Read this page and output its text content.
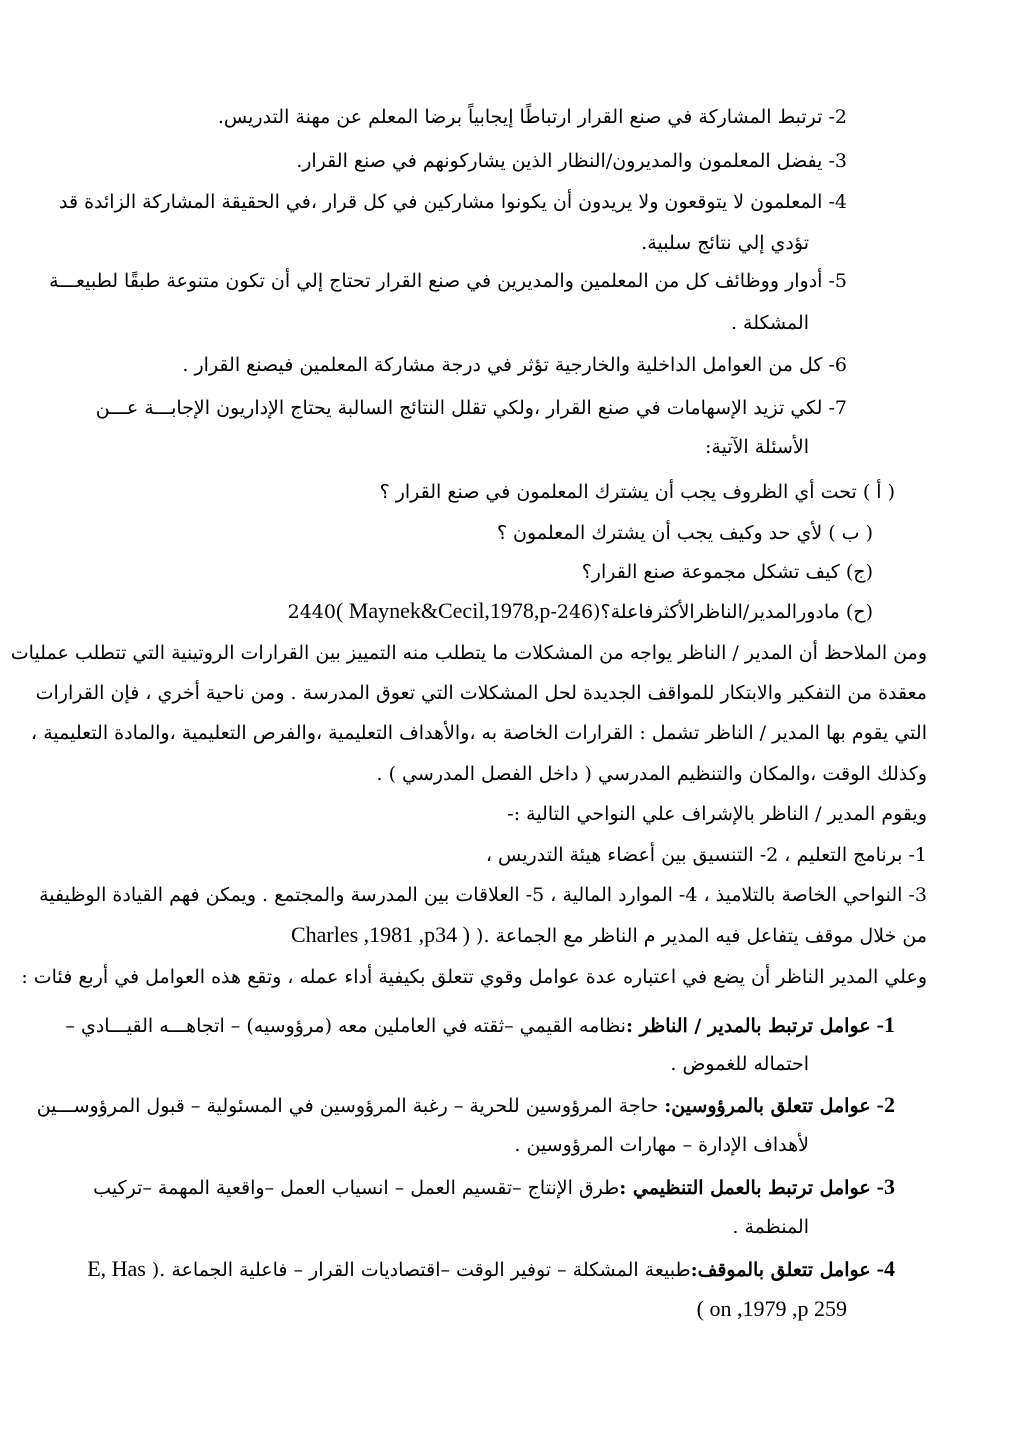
2- ترتبط المشاركة في صنع القرار ارتباطًا إيجابياً برضا المعلم عن مهنة التدريس.
3- يفضل المعلمون والمديرون/النظار الذين يشاركونهم في صنع القرار.
4- المعلمون لا يتوقعون ولا يريدون أن يكونوا مشاركين في كل قرار ،في الحقيقة المشاركة الزائدة قد
تؤدي إلي نتائج سلبية.
5- أدوار ووظائف كل من المعلمين والمديرين في صنع القرار تحتاج إلي أن تكون متنوعة طبقًا لطبيعـــة
المشكلة .
6- كل من العوامل الداخلية والخارجية تؤثر في درجة مشاركة المعلمين فيصنع القرار .
7- لكي تزيد الإسهامات في صنع القرار ،ولكي تقلل النتائج السالبة يحتاج الإداريون الإجابـــة عـــن
الأسئلة الآتية:
( أ ) تحت أي الظروف يجب أن يشترك المعلمون في صنع القرار ؟
( ب ) لأي حد وكيف يجب أن يشترك المعلمون ؟
(ج) كيف تشكل مجموعة صنع القرار؟
(ح) مادورالمدير/الناظرالأكثرفاعلة؟(246-2440( Maynek&Cecil,1978,p
ومن الملاحظ أن المدير / الناظر يواجه من المشكلات ما يتطلب منه التمييز بين القرارات الروتينية التي تتطلب عمليات
معقدة من التفكير والابتكار للمواقف الجديدة لحل المشكلات التي تعوق المدرسة . ومن ناحية أخري ، فإن القرارات
التي يقوم بها المدير / الناظر تشمل : القرارات الخاصة به ،والأهداف التعليمية ،والفرص التعليمية ،والمادة التعليمية ،
وكذلك الوقت ،والمكان والتنظيم المدرسي ( داخل الفصل المدرسي ) .
ويقوم المدير / الناظر بالإشراف علي النواحي التالية :-
1- برنامج التعليم ، 2- التنسيق بين أعضاء هيئة التدريس ،
3- النواحي الخاصة بالتلاميذ ، 4- الموارد المالية ، 5- العلاقات بين المدرسة والمجتمع . ويمكن فهم القيادة الوظيفية
من خلال موقف يتفاعل فيه المدير م الناظر مع الجماعة .( Charles ,1981 ,p34 )
وعلي المدير الناظر أن يضع في اعتباره عدة عوامل وقوي تتعلق بكيفية أداء عمله ، وتقع هذه العوامل في أربع فئات :
1- عوامل ترتبط بالمدير / الناظر :نظامه القيمي –ثقته في العاملين معه (مرؤوسيه) – اتجاهـــه القيـــادي –
احتماله للغموض .
2- عوامل تتعلق بالمرؤوسين: حاجة المرؤوسين للحرية – رغبة المرؤوسين في المسئولية – قبول المرؤوســـين
لأهداف الإدارة – مهارات المرؤوسين .
3- عوامل ترتبط بالعمل التنظيمي :طرق الإنتاج –تقسيم العمل – انسياب العمل –واقعية المهمة –تركيب
المنظمة .
4- عوامل تتعلق بالموقف:طبيعة المشكلة – توفير الوقت –اقتصاديات القرار – فاعلية الجماعة .( E, Has
( on ,1979 ,p 259
